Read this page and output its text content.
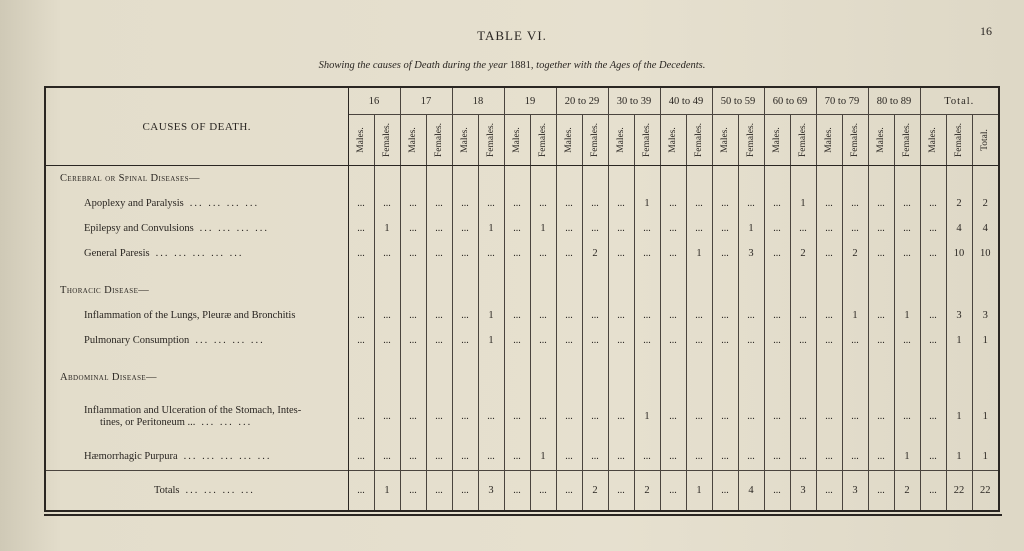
TABLE VI.	16
Showing the causes of Death during the year 1881, together with the Ages of the Decedents.
CAUSES OF DEATH.	16		17		18		19		20 to 29		30 to 39		40 to 49		50 to 59		60 to 69		70 to 79		80 to 89		Total.		

	Males.	Females.	Males.	Females.	Males.	Females.	Males.	Females.	Males.	Females.	Males.	Females.	Males.	Females.	Males.	Females.	Males.	Females.	Males.	Females.	Males.	Females.	Males.	Females.	Total.

Cerebral or Spinal Diseases—																									
Apoplexy and Paralysis ... ... ... ...	...	...	...	...	...	...	...	...	...	...	...	1	...	...	...	...	...	1	...	...	...	...	...	2	2
Epilepsy and Convulsions ... ... ... ...	...	1	...	...	...	1	...	1	...	...	...	...	...	...	...	1	...	...	...	...	...	...	...	4	4
General Paresis ... ... ... ... ...	...	...	...	...	...	...	...	...	...	2	...	...	...	1	...	3	...	2	...	2	...	...	...	10	10

Thoracic Disease—																									
Inflammation of the Lungs, Pleuræ and Bronchitis	...	...	...	...	...	1	...	...	...	...	...	...	...	...	...	...	...	...	...	1	...	1	...	3	3
Pulmonary Consumption ... ... ... ...	...	...	...	...	...	1	...	...	...	...	...	...	...	...	...	...	...	...	...	...	...	...	...	1	1

Abdominal Disease—																									

Inflammation and Ulceration of the Stomach, Intes-
tines, or Peritoneum ... ... ... ...	...	...	...	...	...	...	...	...	...	...	...	1	...	...	...	...	...	...	...	...	...	...	...	1	1
Hæmorrhagic Purpura ... ... ... ... ...	...	...	...	...	...	...	...	1	...	...	...	...	...	...	...	...	...	...	...	...	...	1	...	1	1
Totals ... ... ... ...	...	1	...	...	...	3	...	...	...	2	...	2	...	1	...	4	...	3	...	3	...	2	...	22	22
